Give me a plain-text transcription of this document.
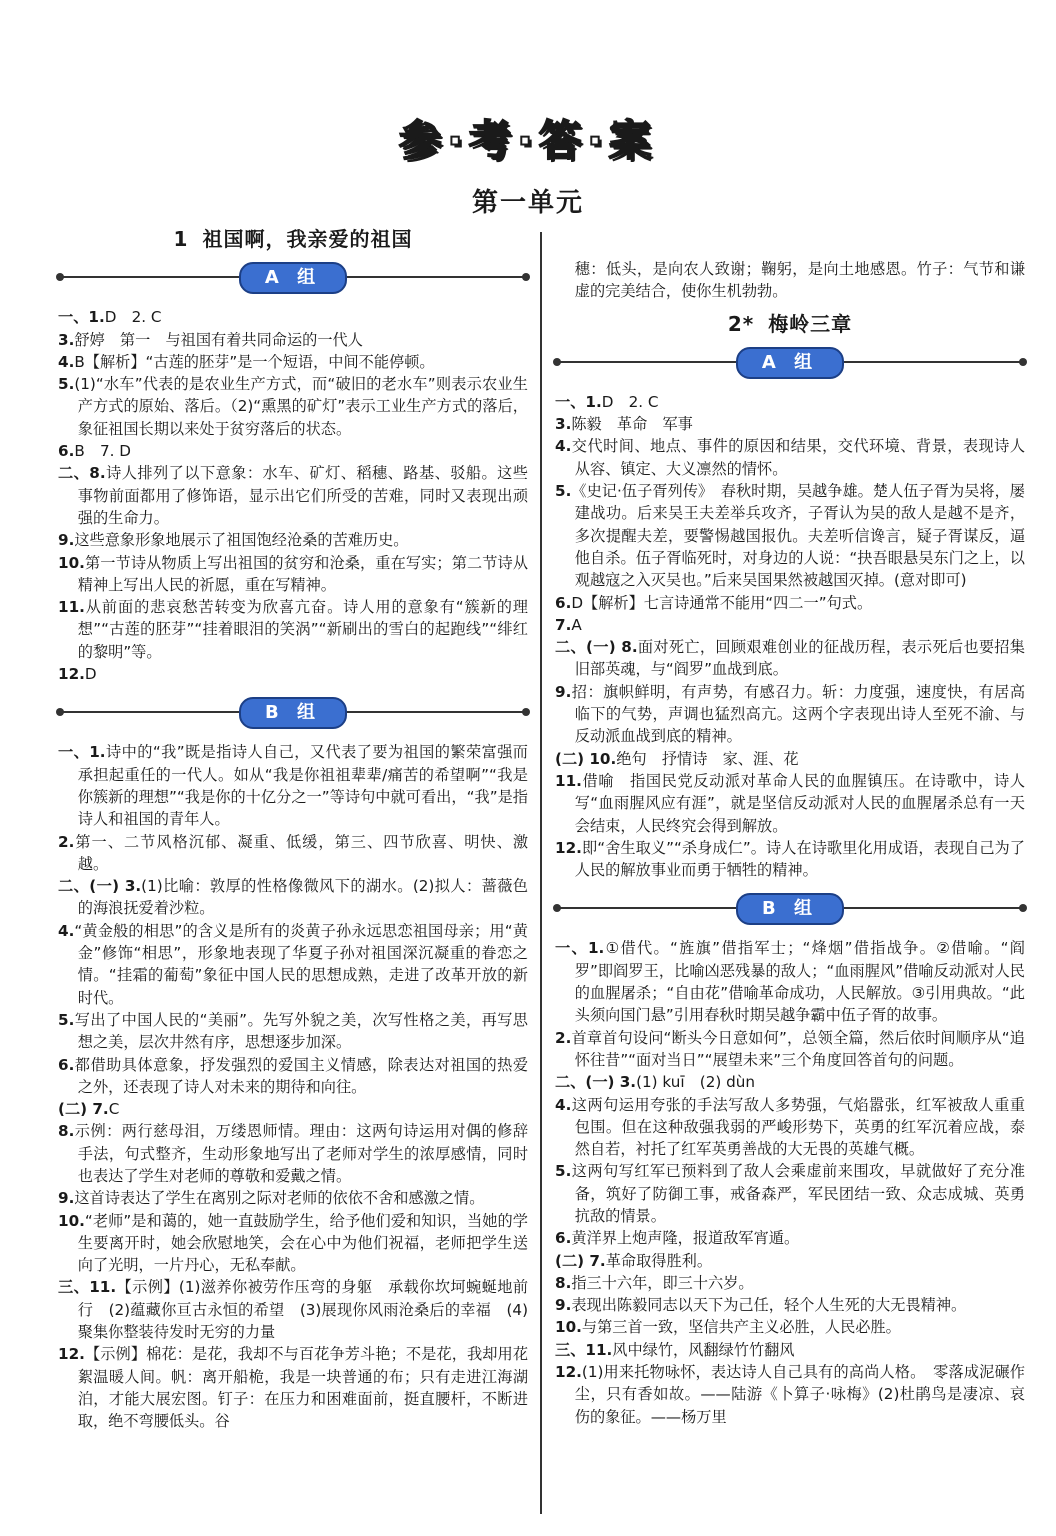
参·考·答·案
第一单元
1 祖国啊，我亲爱的祖国
A 组

一、1.D　2. C

3.舒婷　第一　与祖国有着共同命运的一代人

4.B【解析】“古莲的胚芽”是一个短语，中间不能停顿。

5.(1)“水车”代表的是农业生产方式，而“破旧的老水车”则表示农业生产方式的原始、落后。（2)“熏黑的矿灯”表示工业生产方式的落后，象征祖国长期以来处于贫穷落后的状态。

6.B　7. D

二、8.诗人排列了以下意象：水车、矿灯、稻穗、路基、驳船。这些事物前面都用了修饰语，显示出它们所受的苦难，同时又表现出顽强的生命力。

9.这些意象形象地展示了祖国饱经沧桑的苦难历史。

10.第一节诗从物质上写出祖国的贫穷和沧桑，重在写实；第二节诗从精神上写出人民的祈愿，重在写精神。

11.从前面的悲哀愁苦转变为欣喜亢奋。诗人用的意象有“簇新的理想”“古莲的胚芽”“挂着眼泪的笑涡”“新刷出的雪白的起跑线”“绯红的黎明”等。

12.D

B 组

一、1.诗中的“我”既是指诗人自己，又代表了要为祖国的繁荣富强而承担起重任的一代人。如从“我是你祖祖辈辈/痛苦的希望啊”“我是你簇新的理想”“我是你的十亿分之一”等诗句中就可看出，“我”是指诗人和祖国的青年人。

2.第一、二节风格沉郁、凝重、低缓，第三、四节欣喜、明快、激越。

二、(一) 3.(1)比喻：敦厚的性格像微风下的湖水。(2)拟人：蔷薇色的海浪抚爱着沙粒。

4.“黄金般的相思”的含义是所有的炎黄子孙永远思恋祖国母亲；用“黄金”修饰“相思”，形象地表现了华夏子孙对祖国深沉凝重的眷恋之情。“挂霜的葡萄”象征中国人民的思想成熟，走进了改革开放的新时代。

5.写出了中国人民的“美丽”。先写外貌之美，次写性格之美，再写思想之美，层次井然有序，思想逐步加深。

6.都借助具体意象，抒发强烈的爱国主义情感，除表达对祖国的热爱之外，还表现了诗人对未来的期待和向往。

(二) 7.C

8.示例：两行慈母泪，万缕恩师情。理由：这两句诗运用对偶的修辞手法，句式整齐，生动形象地写出了老师对学生的浓厚感情，同时也表达了学生对老师的尊敬和爱戴之情。

9.这首诗表达了学生在离别之际对老师的依依不舍和感激之情。

10.“老师”是和蔼的，她一直鼓励学生，给予他们爱和知识，当她的学生要离开时，她会欣慰地笑，会在心中为他们祝福，老师把学生送向了光明，一片丹心，无私奉献。

三、11.【示例】(1)滋养你被劳作压弯的身躯　承载你坎坷蜿蜒地前行　(2)蕴藏你亘古永恒的希望　(3)展现你风雨沧桑后的幸福　(4)聚集你整装待发时无穷的力量

12.【示例】棉花：是花，我却不与百花争芳斗艳；不是花，我却用花絮温暖人间。帆：离开船桅，我是一块普通的布；只有走进江海湖泊，才能大展宏图。钉子：在压力和困难面前，挺直腰杆，不断进取，绝不弯腰低头。谷

穗：低头，是向农人致谢；鞠躬，是向土地感恩。竹子：气节和谦虚的完美结合，使你生机勃勃。

2* 梅岭三章
A 组

一、1.D　2. C

3.陈毅　革命　军事

4.交代时间、地点、事件的原因和结果，交代环境、背景，表现诗人从容、镇定、大义凛然的情怀。

5.《史记·伍子胥列传》　春秋时期，吴越争雄。楚人伍子胥为吴将，屡建战功。后来吴王夫差举兵攻齐，子胥认为吴的敌人是越不是齐，多次提醒夫差，要警惕越国报仇。夫差听信谗言，疑子胥谋反，逼他自杀。伍子胥临死时，对身边的人说：“抉吾眼悬吴东门之上，以观越寇之入灭吴也。”后来吴国果然被越国灭掉。(意对即可)

6.D【解析】七言诗通常不能用“四二一”句式。

7.A

二、(一) 8.面对死亡，回顾艰难创业的征战历程，表示死后也要招集旧部英魂，与“阎罗”血战到底。

9.招：旗帜鲜明，有声势，有感召力。斩：力度强，速度快，有居高临下的气势，声调也猛烈高亢。这两个字表现出诗人至死不渝、与反动派血战到底的精神。

(二) 10.绝句　抒情诗　家、涯、花

11.借喻　指国民党反动派对革命人民的血腥镇压。在诗歌中，诗人写“血雨腥风应有涯”，就是坚信反动派对人民的血腥屠杀总有一天会结束，人民终究会得到解放。

12.即“舍生取义”“杀身成仁”。诗人在诗歌里化用成语，表现自己为了人民的解放事业而勇于牺牲的精神。

B 组

一、1.①借代。“旌旗”借指军士；“烽烟”借指战争。②借喻。“阎罗”即阎罗王，比喻凶恶残暴的敌人；“血雨腥风”借喻反动派对人民的血腥屠杀；“自由花”借喻革命成功，人民解放。③引用典故。“此头须向国门悬”引用春秋时期吴越争霸中伍子胥的故事。

2.首章首句设问“断头今日意如何”，总领全篇，然后依时间顺序从“追怀往昔”“面对当日”“展望未来”三个角度回答首句的问题。

二、(一) 3.(1) kuī　(2) dùn

4.这两句运用夸张的手法写敌人多势强，气焰嚣张，红军被敌人重重包围。但在这种敌强我弱的严峻形势下，英勇的红军沉着应战，泰然自若，衬托了红军英勇善战的大无畏的英雄气概。

5.这两句写红军已预料到了敌人会乘虚前来围攻，早就做好了充分准备，筑好了防御工事，戒备森严，军民团结一致、众志成城、英勇抗敌的情景。

6.黄洋界上炮声隆，报道敌军宵遁。

(二) 7.革命取得胜利。

8.指三十六年，即三十六岁。

9.表现出陈毅同志以天下为己任，轻个人生死的大无畏精神。

10.与第三首一致，坚信共产主义必胜，人民必胜。

三、11.风中绿竹，风翻绿竹竹翻风

12.(1)用来托物咏怀，表达诗人自己具有的高尚人格。　零落成泥碾作尘，只有香如故。——陆游《卜算子·咏梅》(2)杜鹃鸟是凄凉、哀伤的象征。——杨万里
